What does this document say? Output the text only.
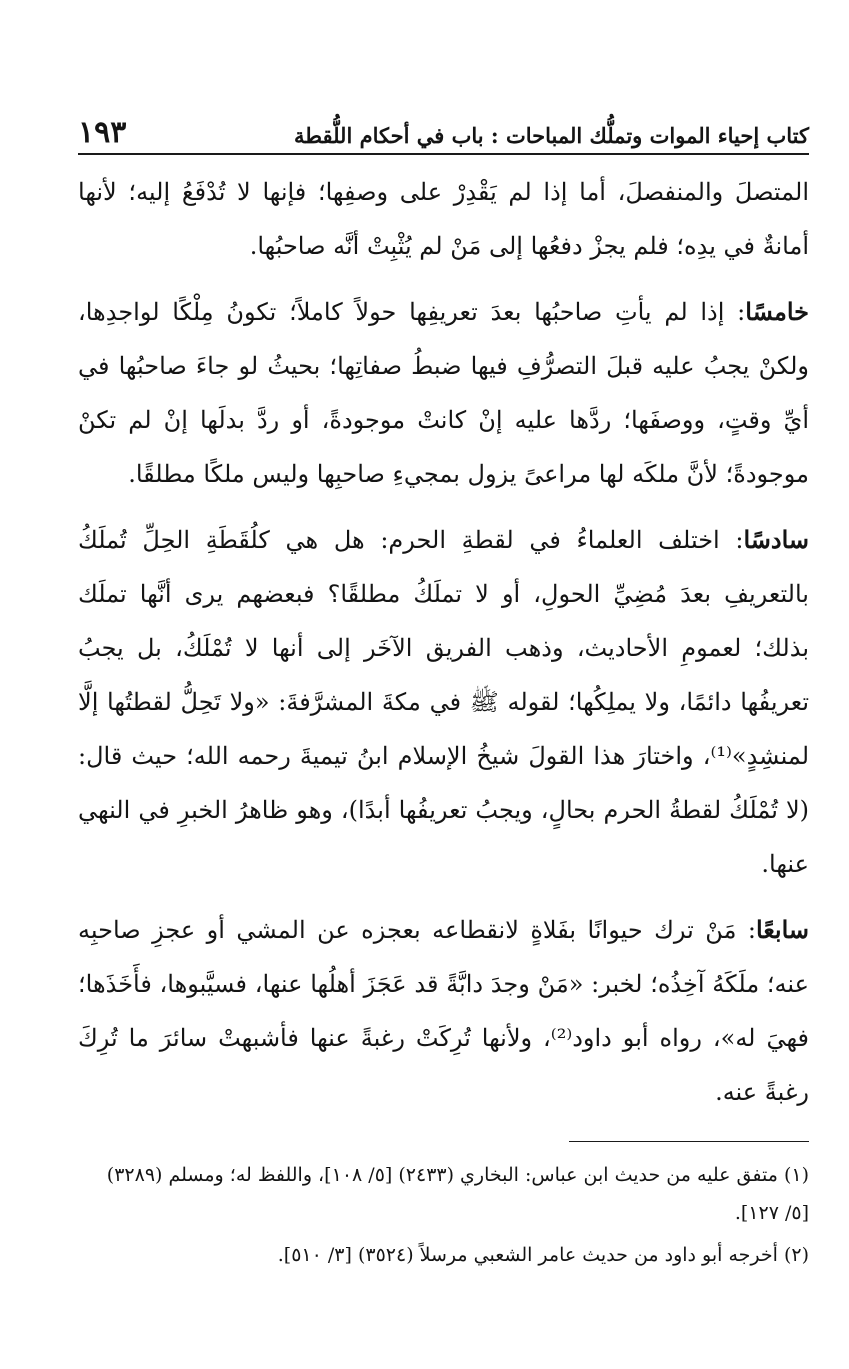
كتاب إحياء الموات وتملُّك المباحات : باب في أحكام اللُّقطة
١٩٣

المتصلَ والمنفصلَ، أما إذا لم يَقْدِرْ على وصفِها؛ فإنها لا تُدْفَعُ إليه؛ لأنها أمانةٌ في يدِه؛ فلم يجزْ دفعُها إلى مَنْ لم يُثْبِتْ أنَّه صاحبُها.

خامسًا: إذا لم يأتِ صاحبُها بعدَ تعريفِها حولاً كاملاً؛ تكونُ مِلْكًا لواجدِها، ولكنْ يجبُ عليه قبلَ التصرُّفِ فيها ضبطُ صفاتِها؛ بحيثُ لو جاءَ صاحبُها في أيِّ وقتٍ، ووصفَها؛ ردَّها عليه إنْ كانتْ موجودةً، أو ردَّ بدلَها إنْ لم تكنْ موجودةً؛ لأنَّ ملكَه لها مراعىً يزول بمجيءِ صاحبِها وليس ملكًا مطلقًا.

سادسًا: اختلف العلماءُ في لقطةِ الحرم: هل هي كلُقَطَةِ الحِلِّ تُملَكُ بالتعريفِ بعدَ مُضِيِّ الحولِ، أو لا تملَكُ مطلقًا؟ فبعضهم يرى أنَّها تملَك بذلك؛ لعمومِ الأحاديث، وذهب الفريق الآخَر إلى أنها لا تُمْلَكُ، بل يجبُ تعريفُها دائمًا، ولا يملِكُها؛ لقوله ﷺ في مكةَ المشرَّفةَ: «ولا تَحِلُّ لقطتُها إلَّا لمنشِدٍ»⁽¹⁾، واختارَ هذا القولَ شيخُ الإسلام ابنُ تيميةَ رحمه الله؛ حيث قال: (لا تُمْلَكُ لقطةُ الحرم بحالٍ، ويجبُ تعريفُها أبدًا)، وهو ظاهرُ الخبرِ في النهي عنها.

سابعًا: مَنْ ترك حيوانًا بفَلاةٍ لانقطاعه بعجزه عن المشي أو عجزِ صاحبِه عنه؛ ملَكَهُ آخِذُه؛ لخبر: «مَنْ وجدَ دابَّةً قد عَجَزَ أهلُها عنها، فسيَّبوها، فأَخَذَها؛ فهيَ له»، رواه أبو داود⁽²⁾، ولأنها تُرِكَتْ رغبةً عنها فأشبهتْ سائرَ ما تُرِكَ رغبةً عنه.

(١) متفق عليه من حديث ابن عباس: البخاري (٢٤٣٣) [٥/ ١٠٨]، واللفظ له؛ ومسلم (٣٢٨٩) [٥/ ١٢٧].

(٢) أخرجه أبو داود من حديث عامر الشعبي مرسلاً (٣٥٢٤) [٣/ ٥١٠].
